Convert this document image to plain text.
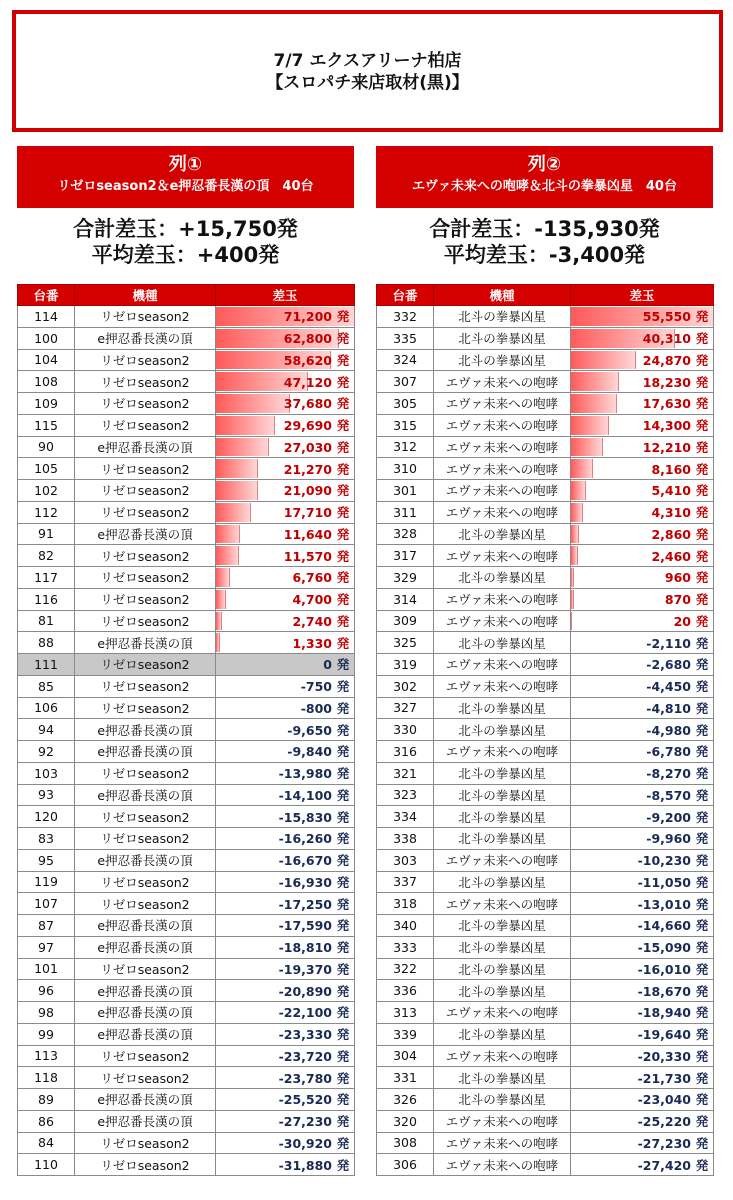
7/7 エクスアリーナ柏店
【スロパチ来店取材(黒)】
列①
リゼロseason2＆e押忍番長漢の頂　40台
合計差玉：+15,750発
平均差玉：+400発
台番	機種	差玉
114	リゼロseason2	71,200 発
100	e押忍番長漢の頂	62,800 発
104	リゼロseason2	58,620 発
108	リゼロseason2	47,120 発
109	リゼロseason2	37,680 発
115	リゼロseason2	29,690 発
90	e押忍番長漢の頂	27,030 発
105	リゼロseason2	21,270 発
102	リゼロseason2	21,090 発
112	リゼロseason2	17,710 発
91	e押忍番長漢の頂	11,640 発
82	リゼロseason2	11,570 発
117	リゼロseason2	6,760 発
116	リゼロseason2	4,700 発
81	リゼロseason2	2,740 発
88	e押忍番長漢の頂	1,330 発
111	リゼロseason2	0 発
85	リゼロseason2	-750 発
106	リゼロseason2	-800 発
94	e押忍番長漢の頂	-9,650 発
92	e押忍番長漢の頂	-9,840 発
103	リゼロseason2	-13,980 発
93	e押忍番長漢の頂	-14,100 発
120	リゼロseason2	-15,830 発
83	リゼロseason2	-16,260 発
95	e押忍番長漢の頂	-16,670 発
119	リゼロseason2	-16,930 発
107	リゼロseason2	-17,250 発
87	e押忍番長漢の頂	-17,590 発
97	e押忍番長漢の頂	-18,810 発
101	リゼロseason2	-19,370 発
96	e押忍番長漢の頂	-20,890 発
98	e押忍番長漢の頂	-22,100 発
99	e押忍番長漢の頂	-23,330 発
113	リゼロseason2	-23,720 発
118	リゼロseason2	-23,780 発
89	e押忍番長漢の頂	-25,520 発
86	e押忍番長漢の頂	-27,230 発
84	リゼロseason2	-30,920 発
110	リゼロseason2	-31,880 発
列②
エヴァ未来への咆哮＆北斗の拳暴凶星　40台
合計差玉：-135,930発
平均差玉：-3,400発
台番	機種	差玉
332	北斗の拳暴凶星	55,550 発
335	北斗の拳暴凶星	40,310 発
324	北斗の拳暴凶星	24,870 発
307	エヴァ未来への咆哮	18,230 発
305	エヴァ未来への咆哮	17,630 発
315	エヴァ未来への咆哮	14,300 発
312	エヴァ未来への咆哮	12,210 発
310	エヴァ未来への咆哮	8,160 発
301	エヴァ未来への咆哮	5,410 発
311	エヴァ未来への咆哮	4,310 発
328	北斗の拳暴凶星	2,860 発
317	エヴァ未来への咆哮	2,460 発
329	北斗の拳暴凶星	960 発
314	エヴァ未来への咆哮	870 発
309	エヴァ未来への咆哮	20 発
325	北斗の拳暴凶星	-2,110 発
319	エヴァ未来への咆哮	-2,680 発
302	エヴァ未来への咆哮	-4,450 発
327	北斗の拳暴凶星	-4,810 発
330	北斗の拳暴凶星	-4,980 発
316	エヴァ未来への咆哮	-6,780 発
321	北斗の拳暴凶星	-8,270 発
323	北斗の拳暴凶星	-8,570 発
334	北斗の拳暴凶星	-9,200 発
338	北斗の拳暴凶星	-9,960 発
303	エヴァ未来への咆哮	-10,230 発
337	北斗の拳暴凶星	-11,050 発
318	エヴァ未来への咆哮	-13,010 発
340	北斗の拳暴凶星	-14,660 発
333	北斗の拳暴凶星	-15,090 発
322	北斗の拳暴凶星	-16,010 発
336	北斗の拳暴凶星	-18,670 発
313	エヴァ未来への咆哮	-18,940 発
339	北斗の拳暴凶星	-19,640 発
304	エヴァ未来への咆哮	-20,330 発
331	北斗の拳暴凶星	-21,730 発
326	北斗の拳暴凶星	-23,040 発
320	エヴァ未来への咆哮	-25,220 発
308	エヴァ未来への咆哮	-27,230 発
306	エヴァ未来への咆哮	-27,420 発
